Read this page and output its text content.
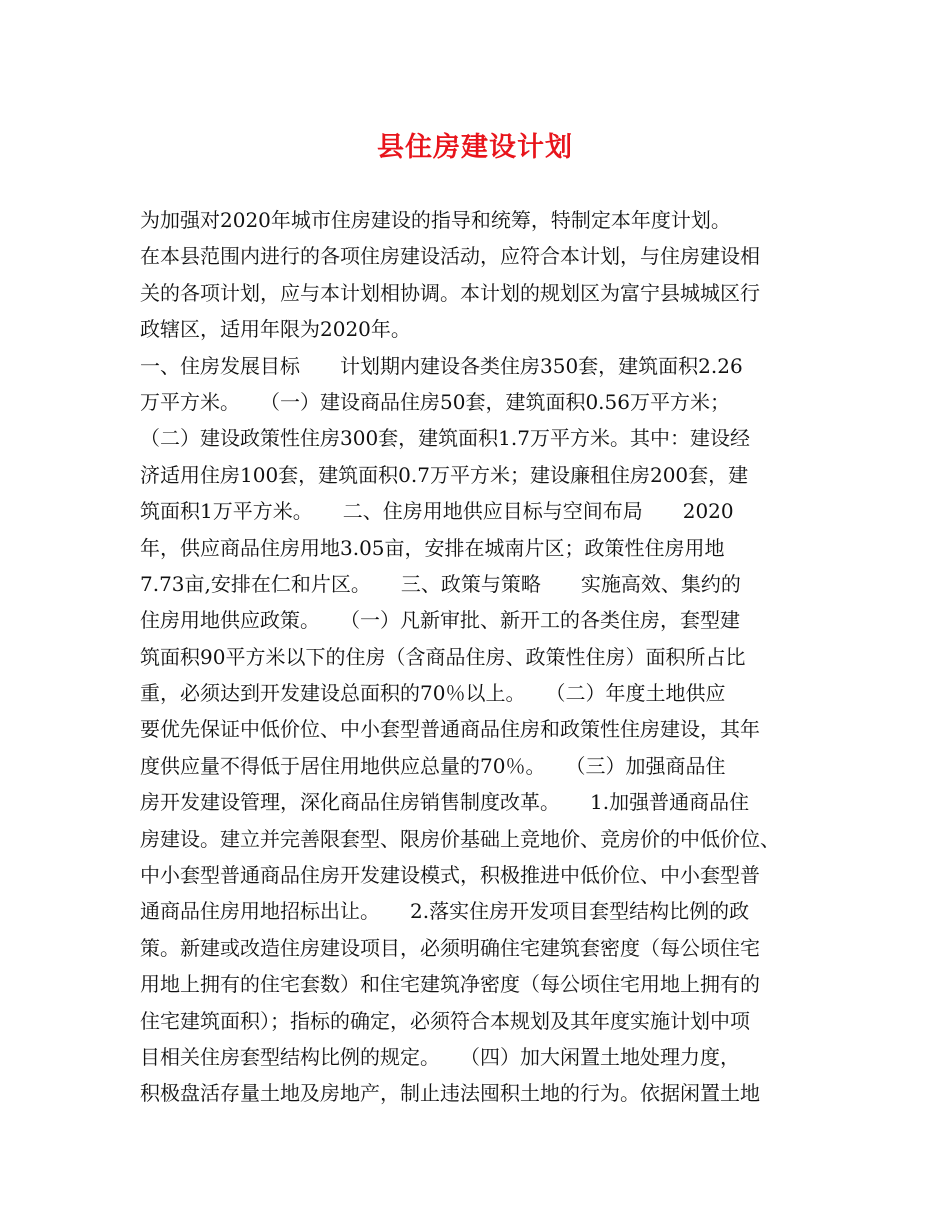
县住房建设计划
为加强对2020年城市住房建设的指导和统筹，特制定本年度计划。
在本县范围内进行的各项住房建设活动，应符合本计划，与住房建设相
关的各项计划，应与本计划相协调。本计划的规划区为富宁县城城区行
政辖区，适用年限为2020年。
一、住房发展目标　　计划期内建设各类住房350套，建筑面积2.26
万平方米。　　（一）建设商品住房50套，建筑面积0.56万平方米；
（二）建设政策性住房300套，建筑面积1.7万平方米。其中：建设经
济适用住房100套，建筑面积0.7万平方米；建设廉租住房200套，建
筑面积1万平方米。　　二、住房用地供应目标与空间布局　　2020
年，供应商品住房用地3.05亩，安排在城南片区；政策性住房用地
7.73亩,安排在仁和片区。　　三、政策与策略　　实施高效、集约的
住房用地供应政策。　　（一）凡新审批、新开工的各类住房，套型建
筑面积90平方米以下的住房（含商品住房、政策性住房）面积所占比
重，必须达到开发建设总面积的70％以上。　　（二）年度土地供应
要优先保证中低价位、中小套型普通商品住房和政策性住房建设，其年
度供应量不得低于居住用地供应总量的70％。　　（三）加强商品住
房开发建设管理，深化商品住房销售制度改革。　　1.加强普通商品住
房建设。建立并完善限套型、限房价基础上竞地价、竞房价的中低价位、
中小套型普通商品住房开发建设模式，积极推进中低价位、中小套型普
通商品住房用地招标出让。　　2.落实住房开发项目套型结构比例的政
策。新建或改造住房建设项目，必须明确住宅建筑套密度（每公顷住宅
用地上拥有的住宅套数）和住宅建筑净密度（每公顷住宅用地上拥有的
住宅建筑面积）；指标的确定，必须符合本规划及其年度实施计划中项
目相关住房套型结构比例的规定。　　（四）加大闲置土地处理力度，
积极盘活存量土地及房地产，制止违法囤积土地的行为。依据闲置土地
